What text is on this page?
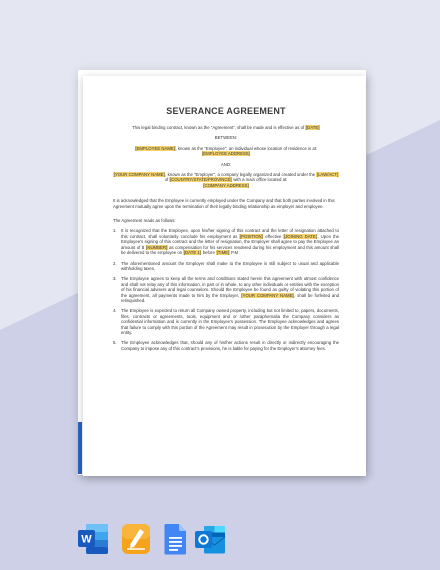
SEVERANCE AGREEMENT
This legal binding contract, known as the “Agreement”, shall be made and is effective as of [DATE]
BETWEEN:
[EMPLOYEE NAME], known as the “Employee”, an individual whose location of residence is at:
[EMPLOYEE ADDRESS]
AND:
[YOUR COMPANY NAME], known as the “Employer”, a company legally organized and created under the [LAW/ACT] of [COUNTRY/STATE/PROVINCE] with a main office located at:
[COMPANY ADDRESS]
It is acknowledged that the Employee is currently employed under the Company and that both parties involved in this Agreement mutually agree upon the termination of their legally binding relationship as employer and employee.
The Agreement reads as follows:
1.	It is recognized that the Employee, upon his/her signing of this contract and the letter of resignation attached to this contract, shall voluntarily conclude his employment as [POSITION] effective [JOINING DATE]. Upon the Employee’s signing of this contract and the letter of resignation, the Employer shall agree to pay the Employee an amount of $ [NUMBER] as compensation for his services rendered during his employment and this amount shall be delivered to the employee on [DATE 1] before [TIME] P.M
2.	The aforementioned amount the Employer shall make to the Employee is still subject to usual and applicable withholding taxes.
3.	The Employee agrees to keep all the terms and conditions stated herein this agreement with utmost confidence and shall not relay any of this information, in part or in whole, to any other individuals or entities with the exception of his financial advisers and legal counselors. Should the Employee be found as guilty of violating this portion of the agreement, all payments made to him by the Employer, [YOUR COMPANY NAME], shall be forfeited and relinquished.
4.	The Employee is expected to return all Company owned property, including but not limited to, papers, documents, files, contracts or agreements, tools, equipment and or /other paraphernalia the Company considers as confidential information and is currently in the Employee’s possession. The Employee acknowledges and agrees that failure to comply with this portion of the Agreement may result in prosecution by the Employer through a legal entity.
5.	The Employee acknowledges that, should any of his/her actions result in directly or indirectly encouraging the Company to impose any of this contract’s provisions, he is liable for paying for the Employer’s attorney fees.
W
